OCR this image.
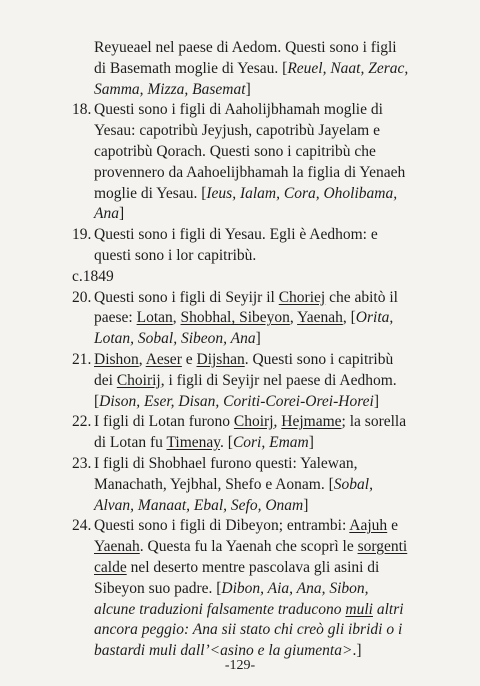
Reyueael nel paese di Aedom. Questi sono i figli di Basemath moglie di Yesau. [Reuel, Naat, Zerac, Samma, Mizza, Basemat]
18. Questi sono i figli di Aaholijbhamah moglie di Yesau: capotribù Jeyjush, capotribù Jayelam e capotribù Qorach. Questi sono i capitribù che provennero da Aahoelijbhamah la figlia di Yenaeh moglie di Yesau. [Ieus, Ialam, Cora, Oholibama, Ana]
19. Questi sono i figli di Yesau. Egli è Aedhom: e questi sono i lor capitribù.
c.1849
20. Questi sono i figli di Seyijr il Choriej che abitò il paese: Lotan, Shobhal, Sibeyon, Yaenah, [Orita, Lotan, Sobal, Sibeon, Ana]
21. Dishon, Aeser e Dijshan. Questi sono i capitribù dei Choirij, i figli di Seyijr nel paese di Aedhom. [Dison, Eser, Disan, Coriti-Corei-Orei-Horei]
22. I figli di Lotan furono Choirj, Hejmame; la sorella di Lotan fu Timenay. [Cori, Emam]
23. I figli di Shobhael furono questi: Yalewan, Manachath, Yejbhal, Shefo e Aonam. [Sobal, Alvan, Manaat, Ebal, Sefo, Onam]
24. Questi sono i figli di Dibeyon; entrambi: Aajuh e Yaenah. Questa fu la Yaenah che scoprì le sorgenti calde nel deserto mentre pascolava gli asini di Sibeyon suo padre. [Dibon, Aia, Ana, Sibon, alcune traduzioni falsamente traducono muli altri ancora peggio: Ana sii stato chi creò gli ibridi o i bastardi muli dall’<asino e la giumenta>.]
-129-
